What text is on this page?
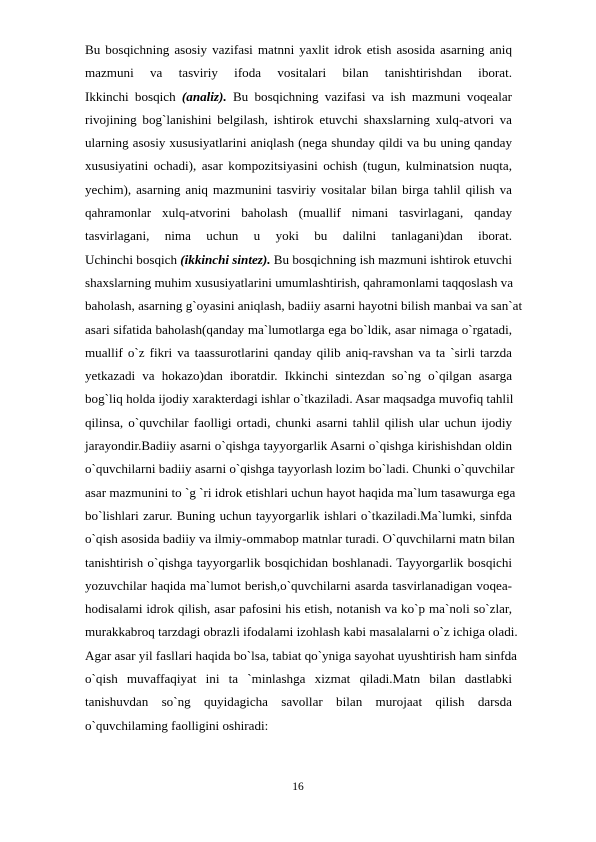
Bu bosqichning asosiy vazifasi matnni yaxlit idrok etish asosida asarning aniq
mazmuni va tasviriy ifoda vositalari bilan tanishtirishdan iborat.
Ikkinchi bosqich (analiz). Bu bosqichning vazifasi va ish mazmuni voqealar
rivojining bog`lanishini belgilash, ishtirok etuvchi shaxslarning xulq-atvori va
ularning asosiy xususiyatlarini aniqlash (nega shunday qildi va bu uning qanday
xususiyatini ochadi), asar kompozitsiyasini ochish (tugun, kulminatsion nuqta,
yechim), asarning aniq mazmunini tasviriy vositalar bilan birga tahlil qilish va
qahramonlar xulq-atvorini baholash (muallif nimani tasvirlagani, qanday
tasvirlagani, nima uchun u yoki bu dalilni tanlagani)dan iborat.
Uchinchi bosqich (ikkinchi sintez). Bu bosqichning ish mazmuni ishtirok etuvchi
shaxslarning muhim xususiyatlarini umumlashtirish, qahramonlami taqqoslash va
baholash, asarning g`oyasini aniqlash, badiiy asarni hayotni bilish manbai va san`at
asari sifatida baholash(qanday ma`lumotlarga ega bo`ldik, asar nimaga o`rgatadi,
muallif o`z fikri va taassurotlarini qanday qilib aniq-ravshan va ta `sirli tarzda
yetkazadi va hokazo)dan iboratdir. Ikkinchi sintezdan so`ng o`qilgan asarga
bog`liq holda ijodiy xarakterdagi ishlar o`tkaziladi. Asar maqsadga muvofiq tahlil
qilinsa, o`quvchilar faolligi ortadi, chunki asarni tahlil qilish ular uchun ijodiy
jarayondir.Badiiy asarni o`qishga tayyorgarlik Asarni o`qishga kirishishdan oldin
o`quvchilarni badiiy asarni o`qishga tayyorlash lozim bo`ladi. Chunki o`quvchilar
asar mazmunini to `g `ri idrok etishlari uchun hayot haqida ma`lum tasawurga ega
bo`lishlari zarur. Buning uchun tayyorgarlik ishlari o`tkaziladi.Ma`lumki, sinfda
o`qish asosida badiiy va ilmiy-ommabop matnlar turadi. O`quvchilarni matn bilan
tanishtirish o`qishga tayyorgarlik bosqichidan boshlanadi. Tayyorgarlik bosqichi
yozuvchilar haqida ma`lumot berish,o`quvchilarni asarda tasvirlanadigan voqea-
hodisalami idrok qilish, asar pafosini his etish, notanish va ko`p ma`noli so`zlar,
murakkabroq tarzdagi obrazli ifodalami izohlash kabi masalalarni o`z ichiga oladi.
Agar asar yil fasllari haqida bo`lsa, tabiat qo`yniga sayohat uyushtirish ham sinfda
o`qish muvaffaqiyat ini ta `minlashga xizmat qiladi.Matn bilan dastlabki
tanishuvdan so`ng quyidagicha savollar bilan murojaat qilish darsda
o`quvchilaming faolligini oshiradi:
16
